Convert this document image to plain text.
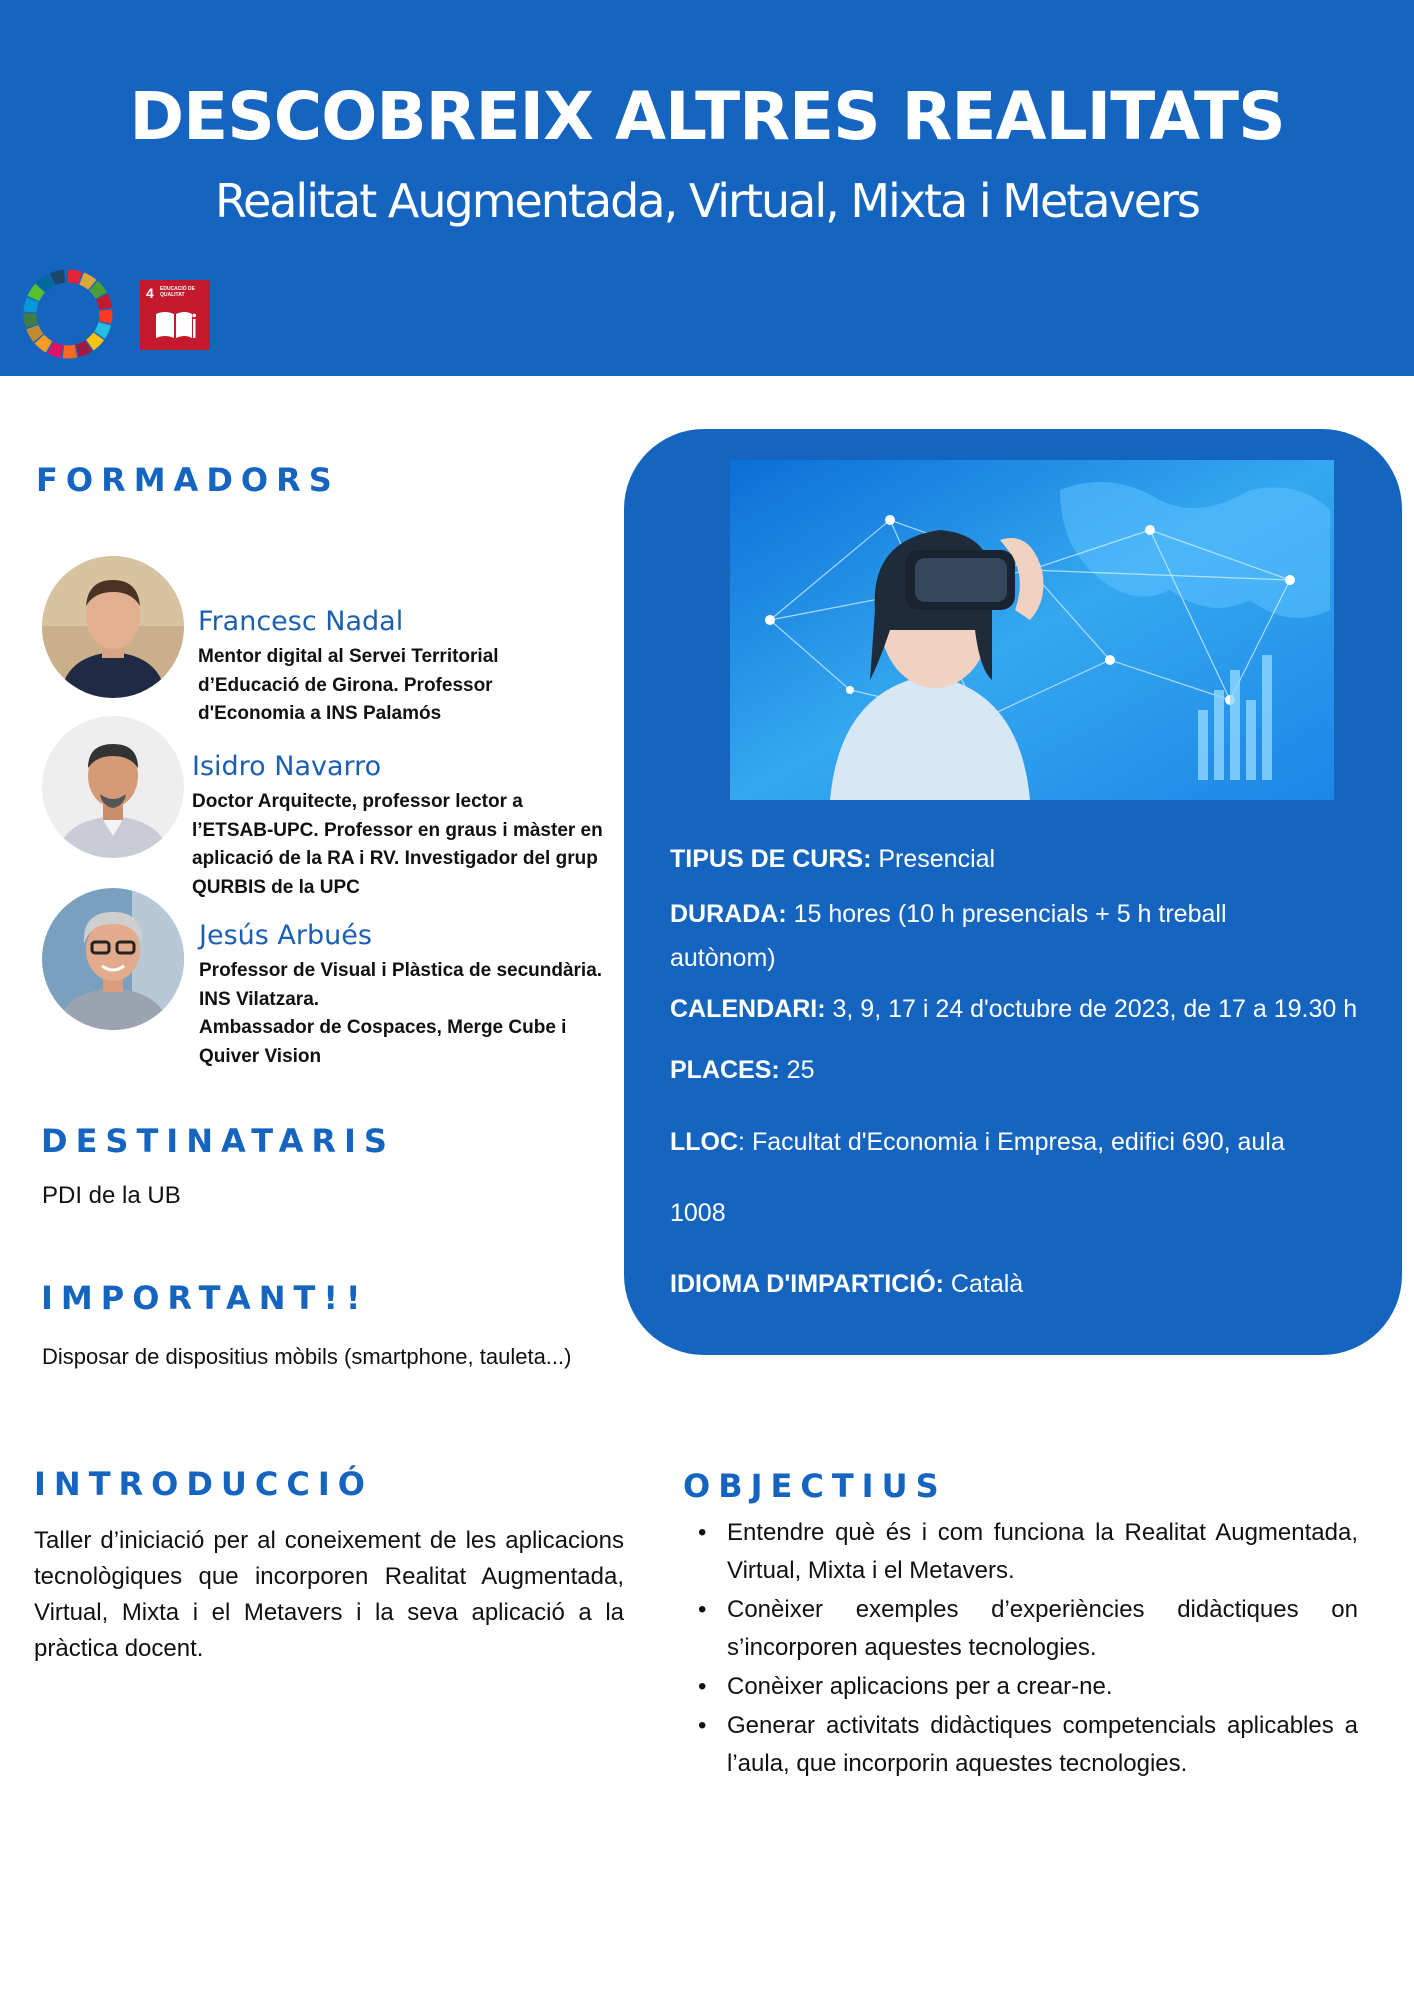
DESCOBREIX ALTRES REALITATS
Realitat Augmentada, Virtual, Mixta i Metavers
4 EDUCACIÓ DE QUALITAT
FORMADORS
Francesc Nadal
Mentor digital al Servei Territorial
d’Educació de Girona. Professor
d'Economia a INS Palamós
Isidro Navarro
Doctor Arquitecte, professor lector a
l’ETSAB-UPC. Professor en graus i màster en
aplicació de la RA i RV. Investigador del grup
QURBIS de la UPC
Jesús Arbués
Professor de Visual i Plàstica de secundària.
INS Vilatzara.
Ambassador de Cospaces, Merge Cube i
Quiver Vision
DESTINATARIS
PDI de la UB
IMPORTANT!!
Disposar de dispositius mòbils (smartphone, tauleta...)
TIPUS DE CURS: Presencial
DURADA: 15 hores (10 h presencials + 5 h treball
autònom)
CALENDARI: 3, 9, 17 i 24 d'octubre de 2023, de 17 a 19.30 h
PLACES: 25
LLOC: Facultat d'Economia i Empresa, edifici 690, aula
1008
IDIOMA D'IMPARTICIÓ: Català
INTRODUCCIÓ
Taller d’iniciació per al coneixement de les aplicacions tecnològiques que incorporen Realitat Augmentada, Virtual, Mixta i el Metavers i la seva aplicació a la pràctica docent.
OBJECTIUS
• Entendre què és i com funciona la Realitat Augmentada, Virtual, Mixta i el Metavers.
• Conèixer exemples d’experiències didàctiques on s’incorporen aquestes tecnologies.
• Conèixer aplicacions per a crear-ne.
• Generar activitats didàctiques competencials aplicables a l’aula, que incorporin aquestes tecnologies.
